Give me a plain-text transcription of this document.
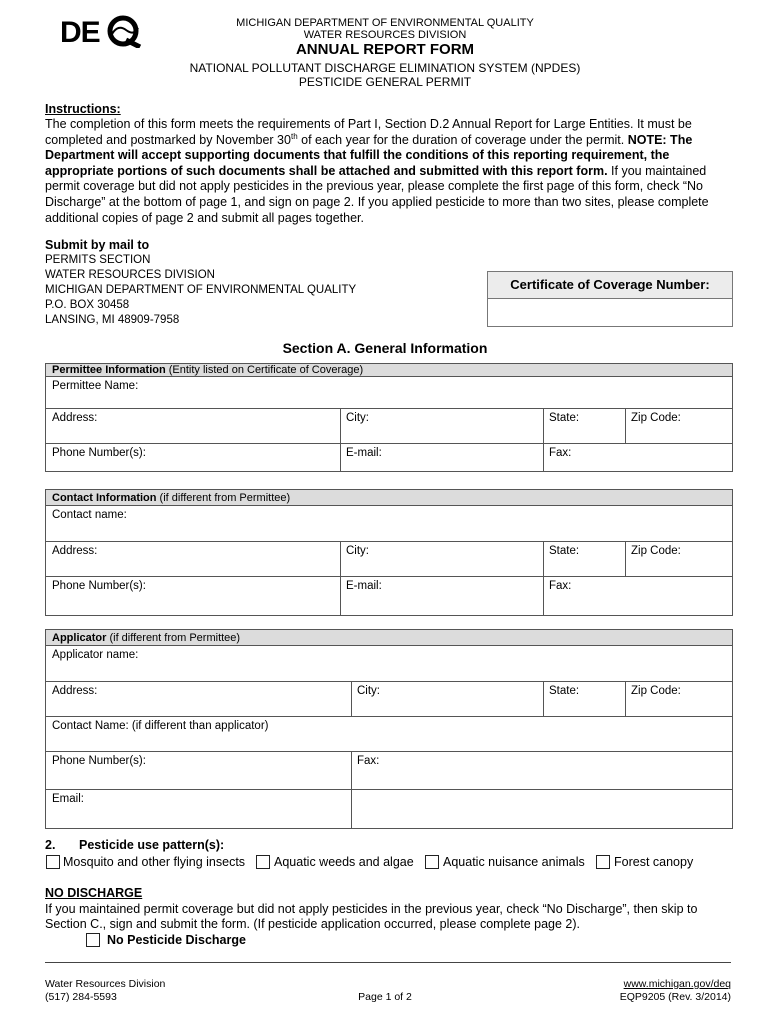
DE	MICHIGAN DEPARTMENT OF ENVIRONMENTAL QUALITY
WATER RESOURCES DIVISION
ANNUAL REPORT FORM
NATIONAL POLLUTANT DISCHARGE ELIMINATION SYSTEM (NPDES)
PESTICIDE GENERAL PERMIT
Instructions:
The completion of this form meets the requirements of Part I, Section D.2 Annual Report for Large Entities. It must be completed and postmarked by November 30th of each year for the duration of coverage under the permit. NOTE: The Department will accept supporting documents that fulfill the conditions of this reporting requirement, the appropriate portions of such documents shall be attached and submitted with this report form. If you maintained permit coverage but did not apply pesticides in the previous year, please complete the first page of this form, check “No Discharge” at the bottom of page 1, and sign on page 2. If you applied pesticide to more than two sites, please complete additional copies of page 2 and submit all pages together.
Submit by mail to
PERMITS SECTION
WATER RESOURCES DIVISION
MICHIGAN DEPARTMENT OF ENVIRONMENTAL QUALITY
P.O. BOX 30458
LANSING, MI 48909-7958
Certificate of Coverage Number:
Section A. General Information
Permittee Information (Entity listed on Certificate of Coverage)
Permittee Name:
Address:	City:	State:	Zip Code:
Phone Number(s):	E-mail:	Fax:
Contact Information (if different from Permittee)
Contact name:
Address:	City:	State:	Zip Code:
Phone Number(s):	E-mail:	Fax:
Applicator (if different from Permittee)
Applicator name:
Address:	City:	State:	Zip Code:
Contact Name: (if different than applicator)
Phone Number(s):	Fax:
Email:
2. Pesticide use pattern(s):
Mosquito and other flying insects Aquatic weeds and algae Aquatic nuisance animals Forest canopy
NO DISCHARGE
If you maintained permit coverage but did not apply pesticides in the previous year, check “No Discharge”, then skip to Section C., sign and submit the form. (If pesticide application occurred, please complete page 2).
No Pesticide Discharge
Water Resources Division
(517) 284-5593	Page 1 of 2
www.michigan.gov/deq
EQP9205 (Rev. 3/2014)
